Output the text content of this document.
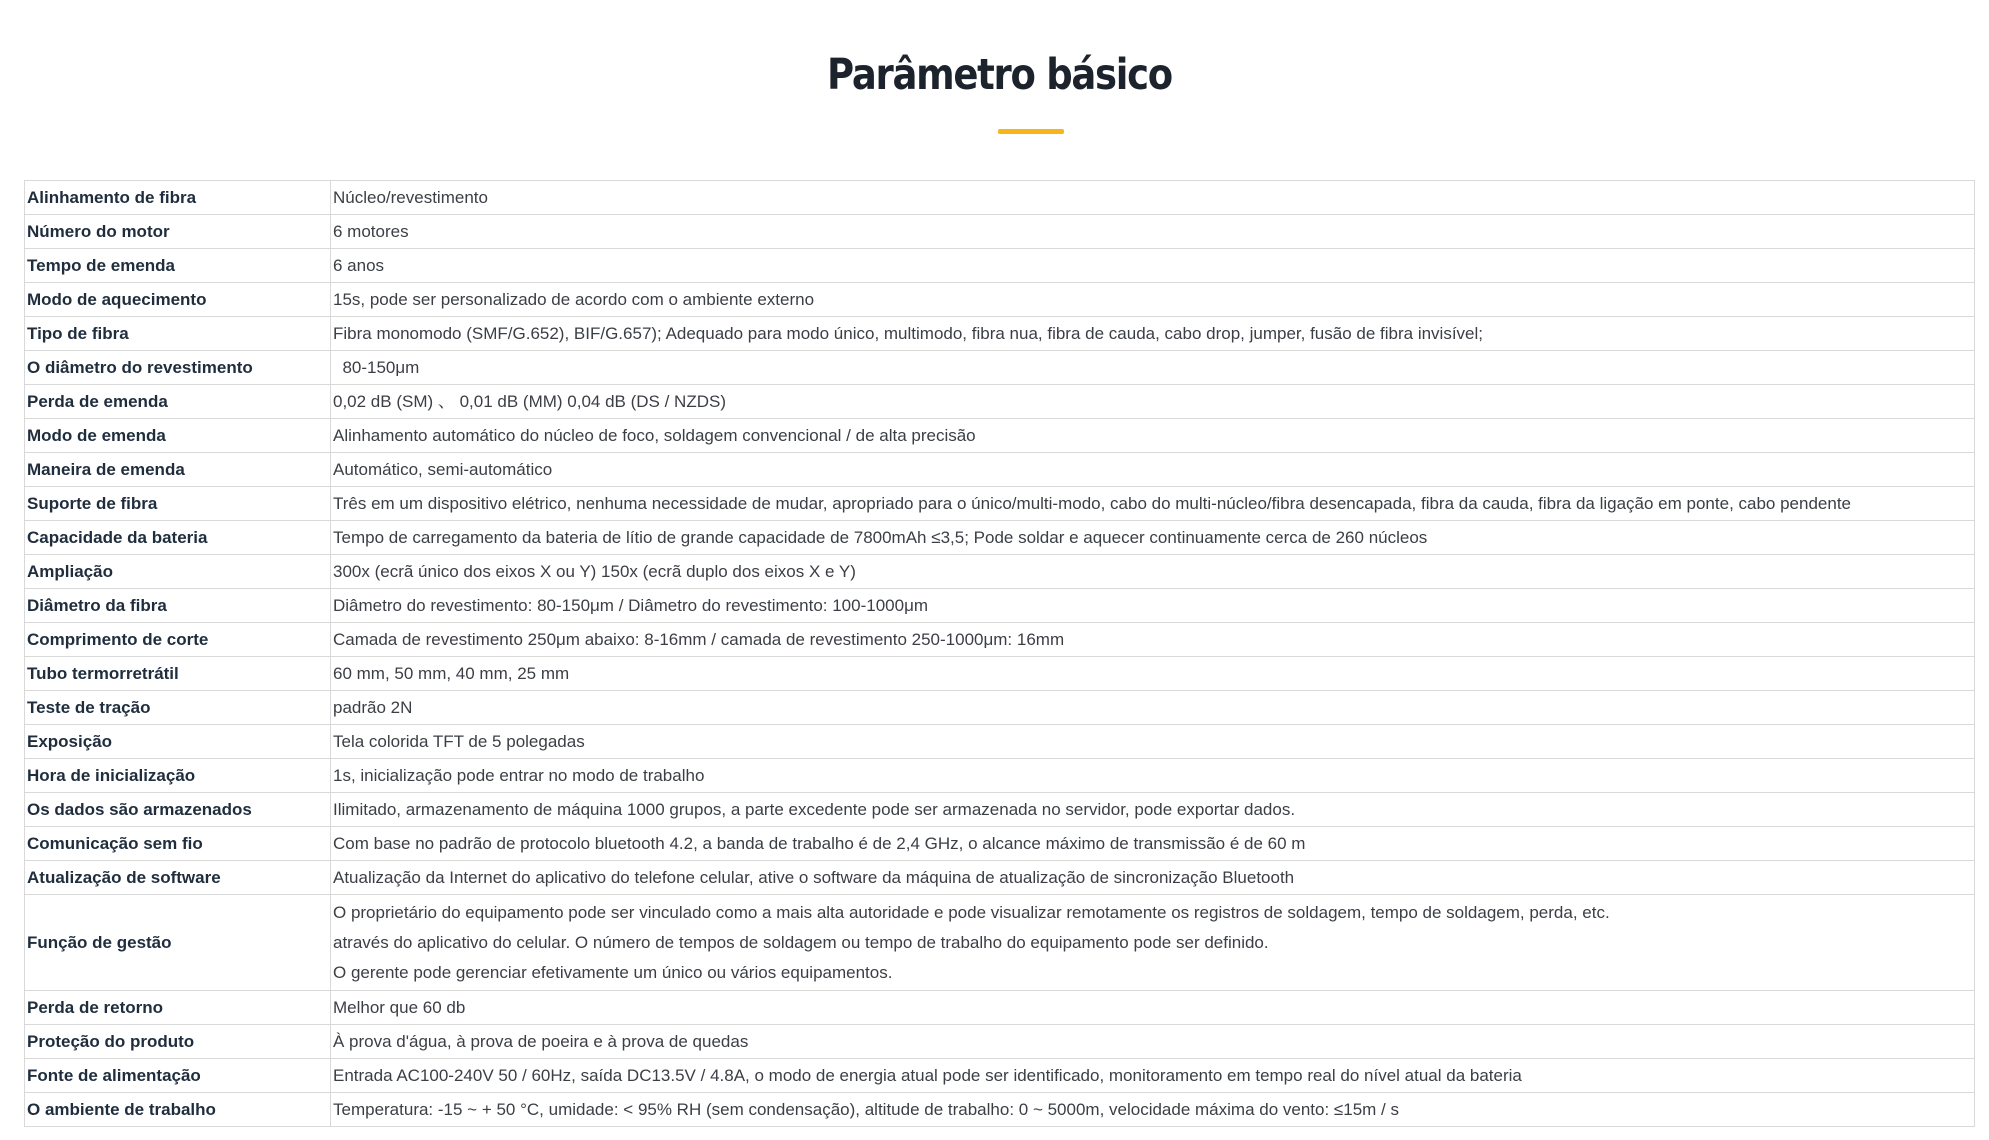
Parâmetro básico
Alinhamento de fibra	Núcleo/revestimento
Número do motor	6 motores
Tempo de emenda	6 anos
Modo de aquecimento	15s, pode ser personalizado de acordo com o ambiente externo
Tipo de fibra	Fibra monomodo (SMF/G.652), BIF/G.657); Adequado para modo único, multimodo, fibra nua, fibra de cauda, cabo drop, jumper, fusão de fibra invisível;
O diâmetro do revestimento	80-150μm
Perda de emenda	0,02 dB (SM) 、 0,01 dB (MM) 0,04 dB (DS / NZDS)
Modo de emenda	Alinhamento automático do núcleo de foco, soldagem convencional / de alta precisão
Maneira de emenda	Automático, semi-automático
Suporte de fibra	Três em um dispositivo elétrico, nenhuma necessidade de mudar, apropriado para o único/multi-modo, cabo do multi-núcleo/fibra desencapada, fibra da cauda, fibra da ligação em ponte, cabo pendente
Capacidade da bateria	Tempo de carregamento da bateria de lítio de grande capacidade de 7800mAh ≤3,5; Pode soldar e aquecer continuamente cerca de 260 núcleos
Ampliação	300x (ecrã único dos eixos X ou Y) 150x (ecrã duplo dos eixos X e Y)
Diâmetro da fibra	Diâmetro do revestimento: 80-150μm / Diâmetro do revestimento: 100-1000μm
Comprimento de corte	Camada de revestimento 250μm abaixo: 8-16mm / camada de revestimento 250-1000μm: 16mm
Tubo termorretrátil	60 mm, 50 mm, 40 mm, 25 mm
Teste de tração	padrão 2N
Exposição	Tela colorida TFT de 5 polegadas
Hora de inicialização	1s, inicialização pode entrar no modo de trabalho
Os dados são armazenados	Ilimitado, armazenamento de máquina 1000 grupos, a parte excedente pode ser armazenada no servidor, pode exportar dados.
Comunicação sem fio	Com base no padrão de protocolo bluetooth 4.2, a banda de trabalho é de 2,4 GHz, o alcance máximo de transmissão é de 60 m
Atualização de software	Atualização da Internet do aplicativo do telefone celular, ative o software da máquina de atualização de sincronização Bluetooth
Função de gestão	O proprietário do equipamento pode ser vinculado como a mais alta autoridade e pode visualizar remotamente os registros de soldagem, tempo de soldagem, perda, etc.
através do aplicativo do celular. O número de tempos de soldagem ou tempo de trabalho do equipamento pode ser definido.
O gerente pode gerenciar efetivamente um único ou vários equipamentos.

Perda de retorno	Melhor que 60 db
Proteção do produto	À prova d'água, à prova de poeira e à prova de quedas
Fonte de alimentação	Entrada AC100-240V 50 / 60Hz, saída DC13.5V / 4.8A, o modo de energia atual pode ser identificado, monitoramento em tempo real do nível atual da bateria
O ambiente de trabalho	Temperatura: -15 ~ + 50 °C, umidade: < 95% RH (sem condensação), altitude de trabalho: 0 ~ 5000m, velocidade máxima do vento: ≤15m / s
